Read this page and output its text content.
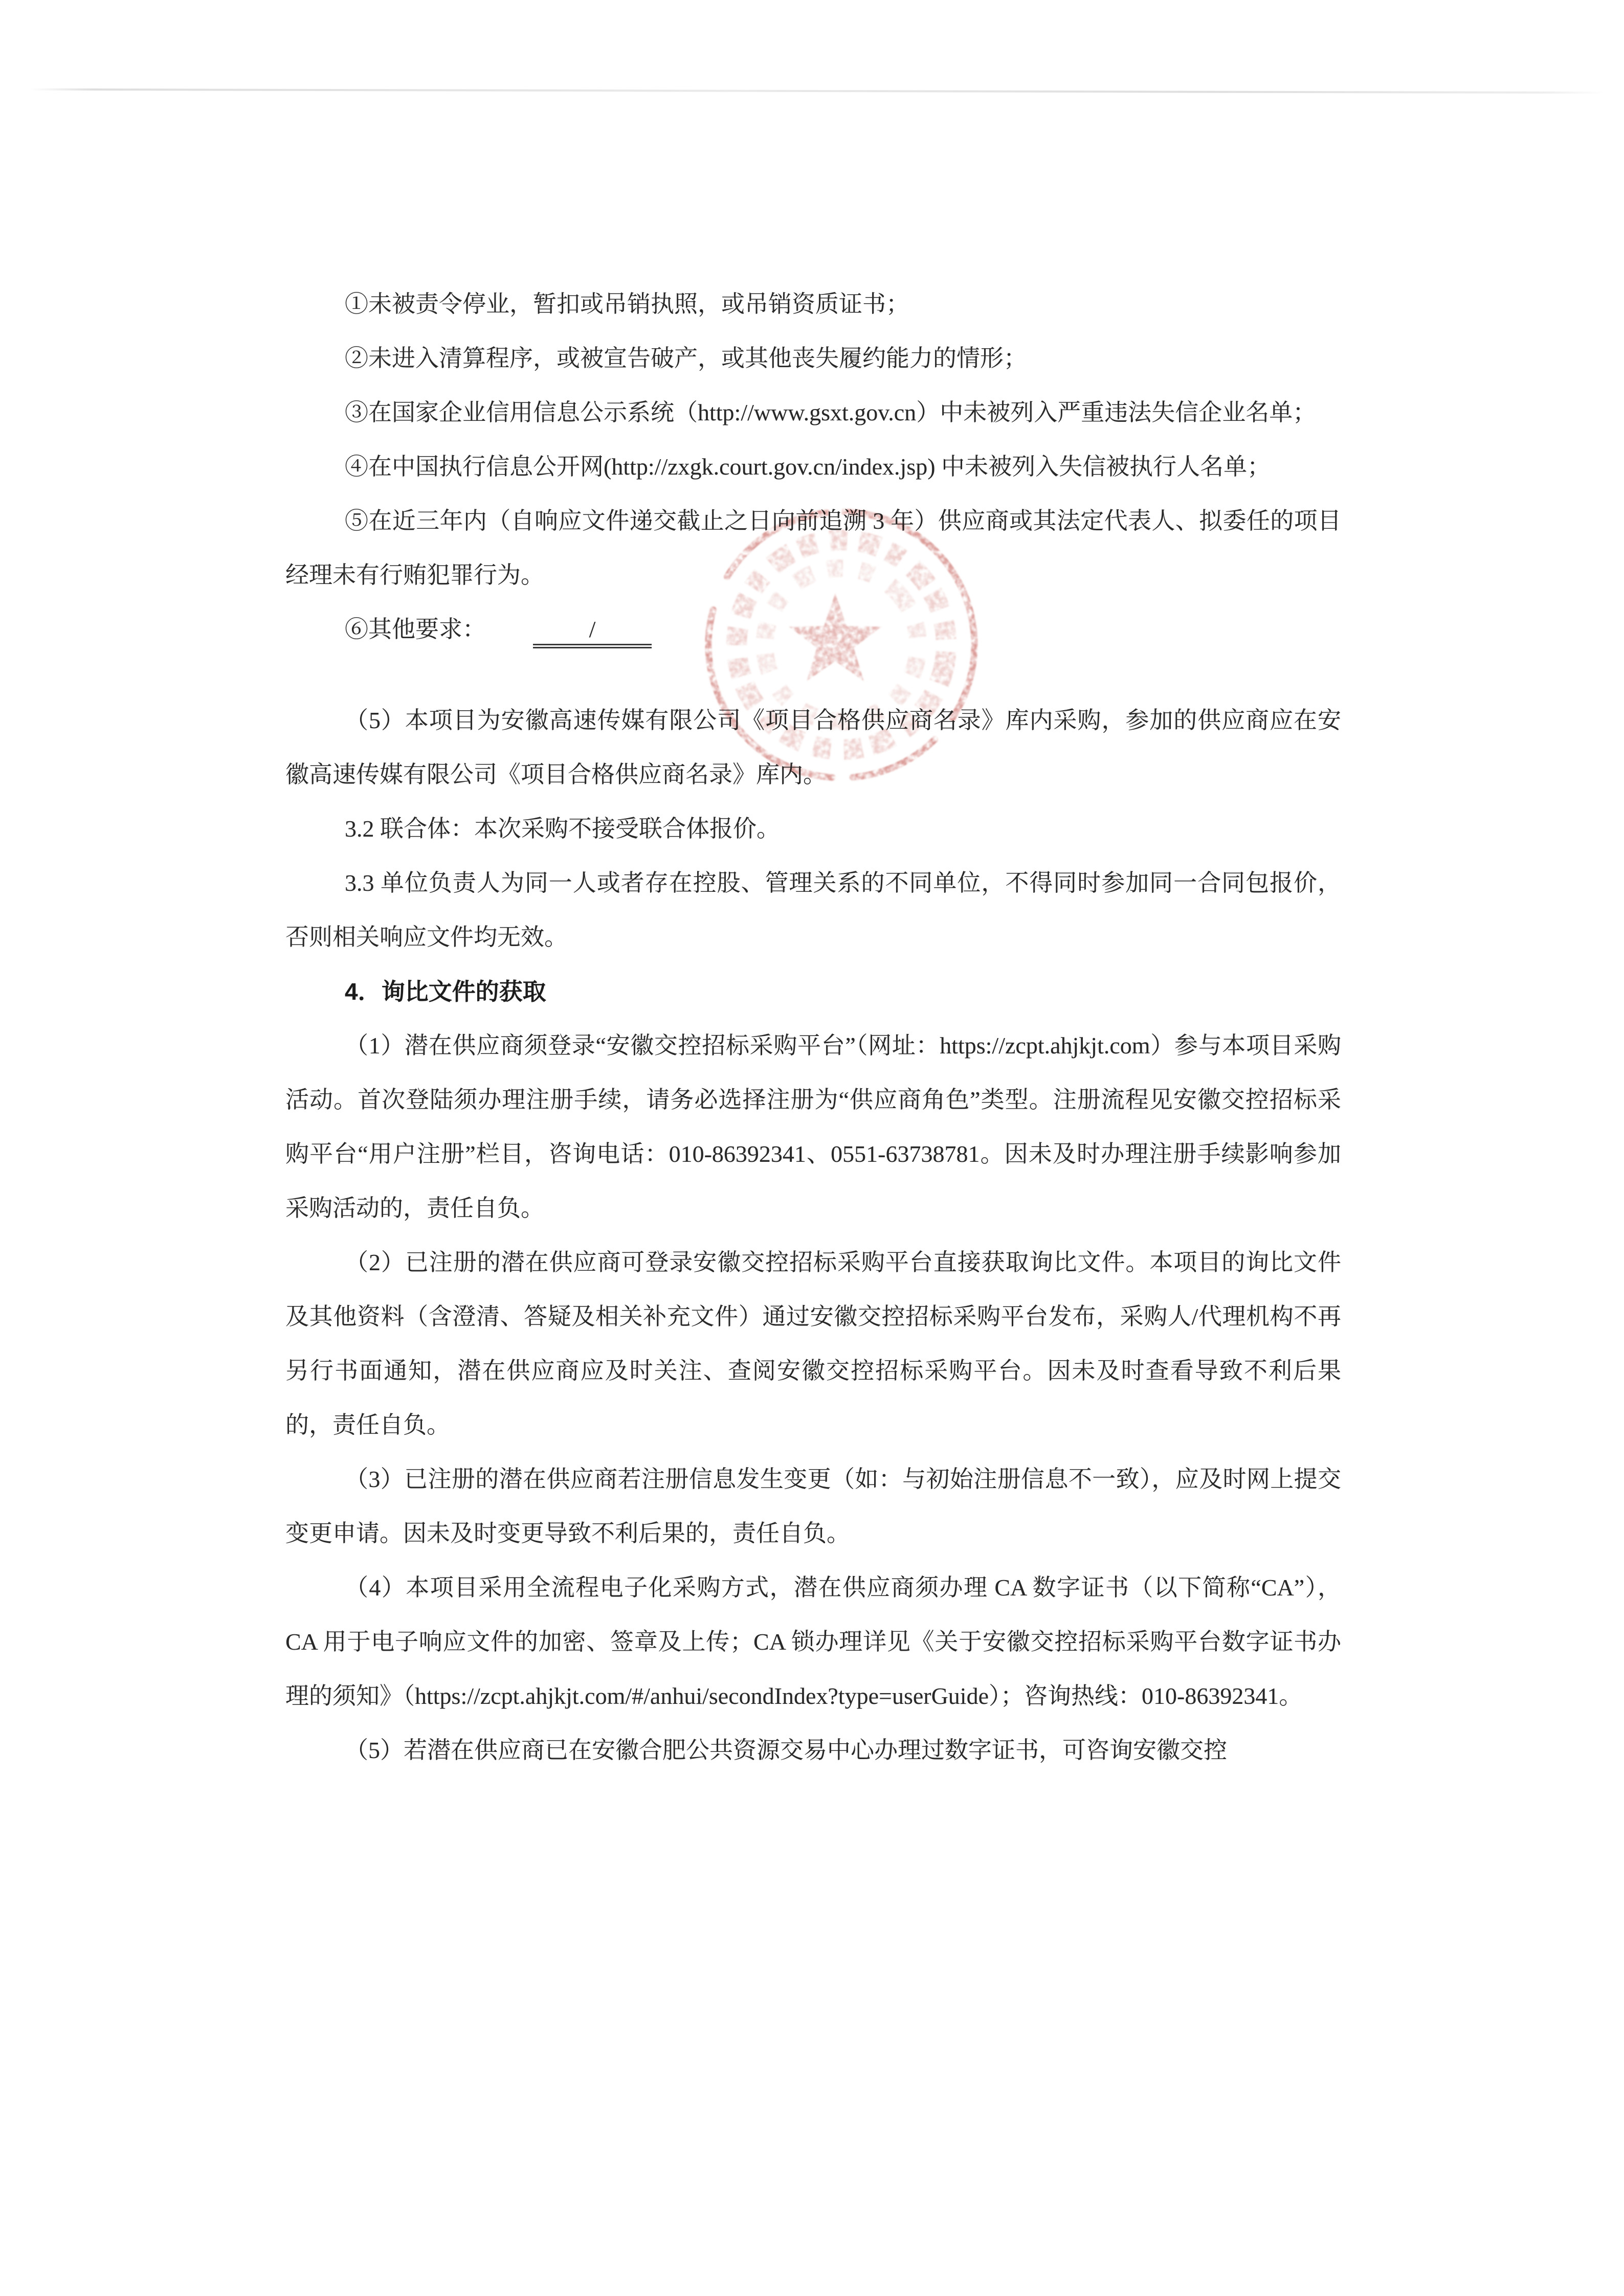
①未被责令停业，暂扣或吊销执照，或吊销资质证书；

②未进入清算程序，或被宣告破产，或其他丧失履约能力的情形；

③在国家企业信用信息公示系统（http://www.gsxt.gov.cn）中未被列入严重违法失信企业名单；

④在中国执行信息公开网(http://zxgk.court.gov.cn/index.jsp) 中未被列入失信被执行人名单；

⑤在近三年内（自响应文件递交截止之日向前追溯 3 年）供应商或其法定代表人、拟委任的项目经理未有行贿犯罪行为。

⑥其他要求：	/

（5）本项目为安徽高速传媒有限公司《项目合格供应商名录》库内采购，参加的供应商应在安徽高速传媒有限公司《项目合格供应商名录》库内。

3.2 联合体：本次采购不接受联合体报价。

3.3 单位负责人为同一人或者存在控股、管理关系的不同单位，不得同时参加同一合同包报价，否则相关响应文件均无效。

4．询比文件的获取

（1）潜在供应商须登录“安徽交控招标采购平台”（网址：https://zcpt.ahjkjt.com）参与本项目采购活动。首次登陆须办理注册手续，请务必选择注册为“供应商角色”类型。注册流程见安徽交控招标采购平台“用户注册”栏目，咨询电话：010-86392341、0551-63738781。因未及时办理注册手续影响参加采购活动的，责任自负。

（2）已注册的潜在供应商可登录安徽交控招标采购平台直接获取询比文件。本项目的询比文件及其他资料（含澄清、答疑及相关补充文件）通过安徽交控招标采购平台发布，采购人/代理机构不再另行书面通知，潜在供应商应及时关注、查阅安徽交控招标采购平台。因未及时查看导致不利后果的，责任自负。

（3）已注册的潜在供应商若注册信息发生变更（如：与初始注册信息不一致），应及时网上提交变更申请。因未及时变更导致不利后果的，责任自负。

（4）本项目采用全流程电子化采购方式，潜在供应商须办理 CA 数字证书（以下简称“CA”），CA 用于电子响应文件的加密、签章及上传；CA 锁办理详见《关于安徽交控招标采购平台数字证书办理的须知》（https://zcpt.ahjkjt.com/#/anhui/secondIndex?type=userGuide）；咨询热线：010-86392341。

（5）若潜在供应商已在安徽合肥公共资源交易中心办理过数字证书，可咨询安徽交控
